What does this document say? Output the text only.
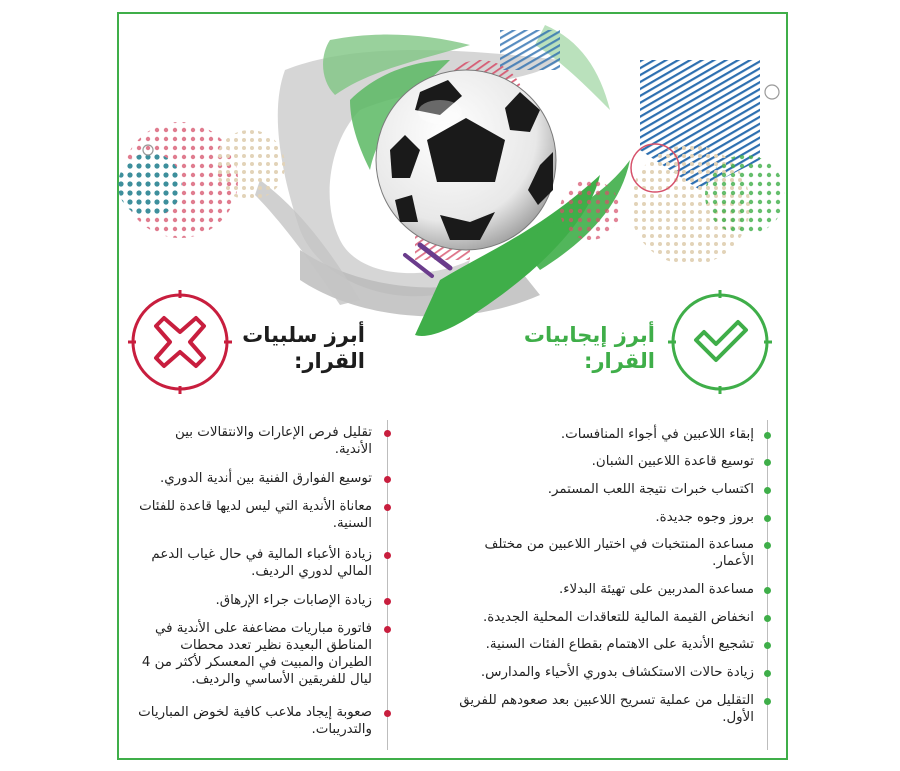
أبرز سلبيات
القرار:
أبرز إيجابيات
القرار:
تقليل فرص الإعارات والانتقالات بين الأندية.
توسيع الفوارق الفنية بين أندية الدوري.
معاناة الأندية التي ليس لديها قاعدة للفئات السنية.
زيادة الأعباء المالية في حال غياب الدعم المالي لدوري الرديف.
زيادة الإصابات جراء الإرهاق.
فاتورة مباريات مضاعفة على الأندية في المناطق البعيدة نظير تعدد محطات الطيران والمبيت في المعسكر لأكثر من 4 ليال للفريقين الأساسي والرديف.
صعوبة إيجاد ملاعب كافية لخوض المباريات والتدريبات.
إبقاء اللاعبين في أجواء المنافسات.
توسيع قاعدة اللاعبين الشبان.
اكتساب خبرات نتيجة اللعب المستمر.
بروز وجوه جديدة.
مساعدة المنتخبات في اختيار اللاعبين من مختلف الأعمار.
مساعدة المدربين على تهيئة البدلاء.
انخفاض القيمة المالية للتعاقدات المحلية الجديدة.
تشجيع الأندية على الاهتمام بقطاع الفئات السنية.
زيادة حالات الاستكشاف بدوري الأحياء والمدارس.
التقليل من عملية تسريح اللاعبين بعد صعودهم للفريق الأول.
